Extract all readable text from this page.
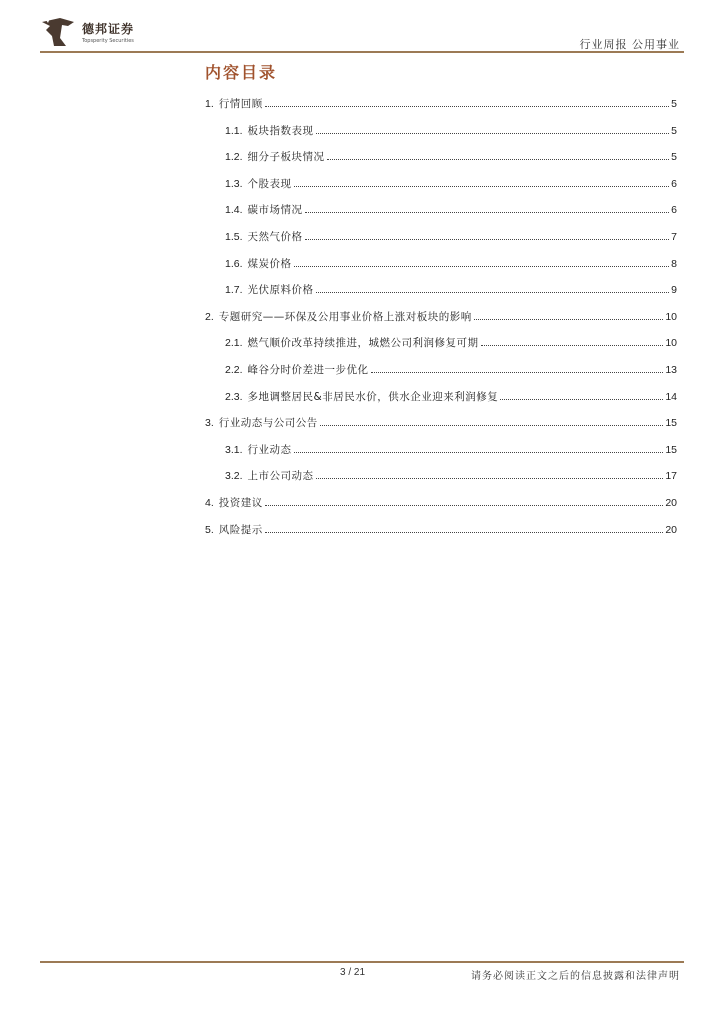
德邦证券
Topsperity Securities	行业周报 公用事业
内容目录
1. 行情回顾	5
1.1. 板块指数表现	5
1.2. 细分子板块情况	5
1.3. 个股表现	6
1.4. 碳市场情况	6
1.5. 天然气价格	7
1.6. 煤炭价格	8
1.7. 光伏原料价格	9
2. 专题研究——环保及公用事业价格上涨对板块的影响	10
2.1. 燃气顺价改革持续推进，城燃公司利润修复可期	10
2.2. 峰谷分时价差进一步优化	13
2.3. 多地调整居民&非居民水价，供水企业迎来利润修复	14
3. 行业动态与公司公告	15
3.1. 行业动态	15
3.2. 上市公司动态	17
4. 投资建议	20
5. 风险提示	20
3 / 21	请务必阅读正文之后的信息披露和法律声明
